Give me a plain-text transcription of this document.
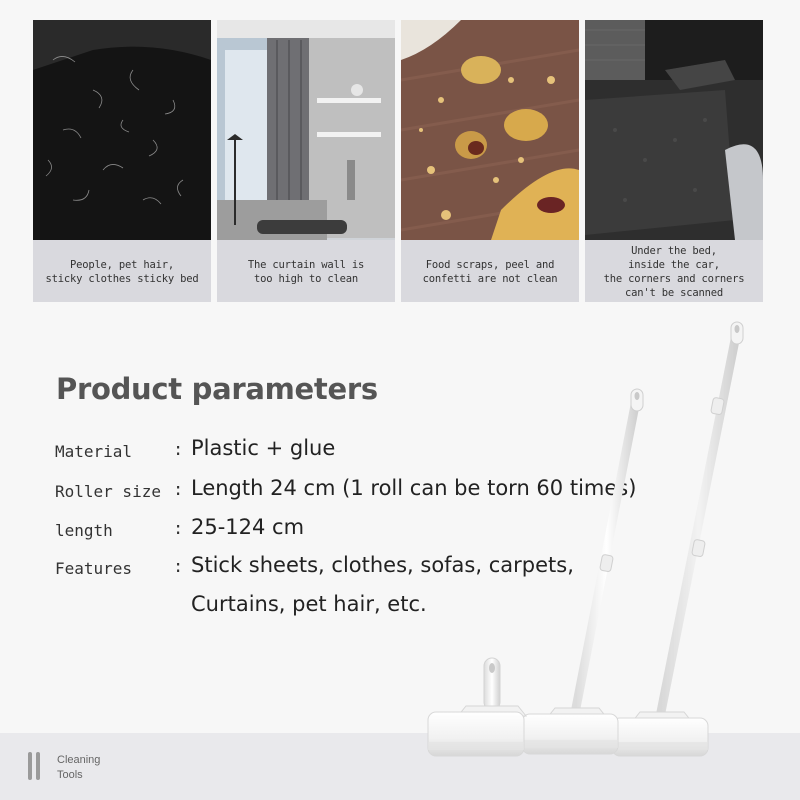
People, pet hair,
sticky clothes sticky bed
The curtain wall is
too high to clean
Food scraps, peel and
confetti are not clean
Under the bed,
inside the car,
the corners and corners
can't be scanned
Product parameters
Material	: Plastic + glue
Roller size : Length 24 cm (1 roll can be torn 60 times)
length	: 25-124 cm
Features	: Stick sheets, clothes, sofas, carpets,
Curtains, pet hair, etc.
Cleaning
Tools
